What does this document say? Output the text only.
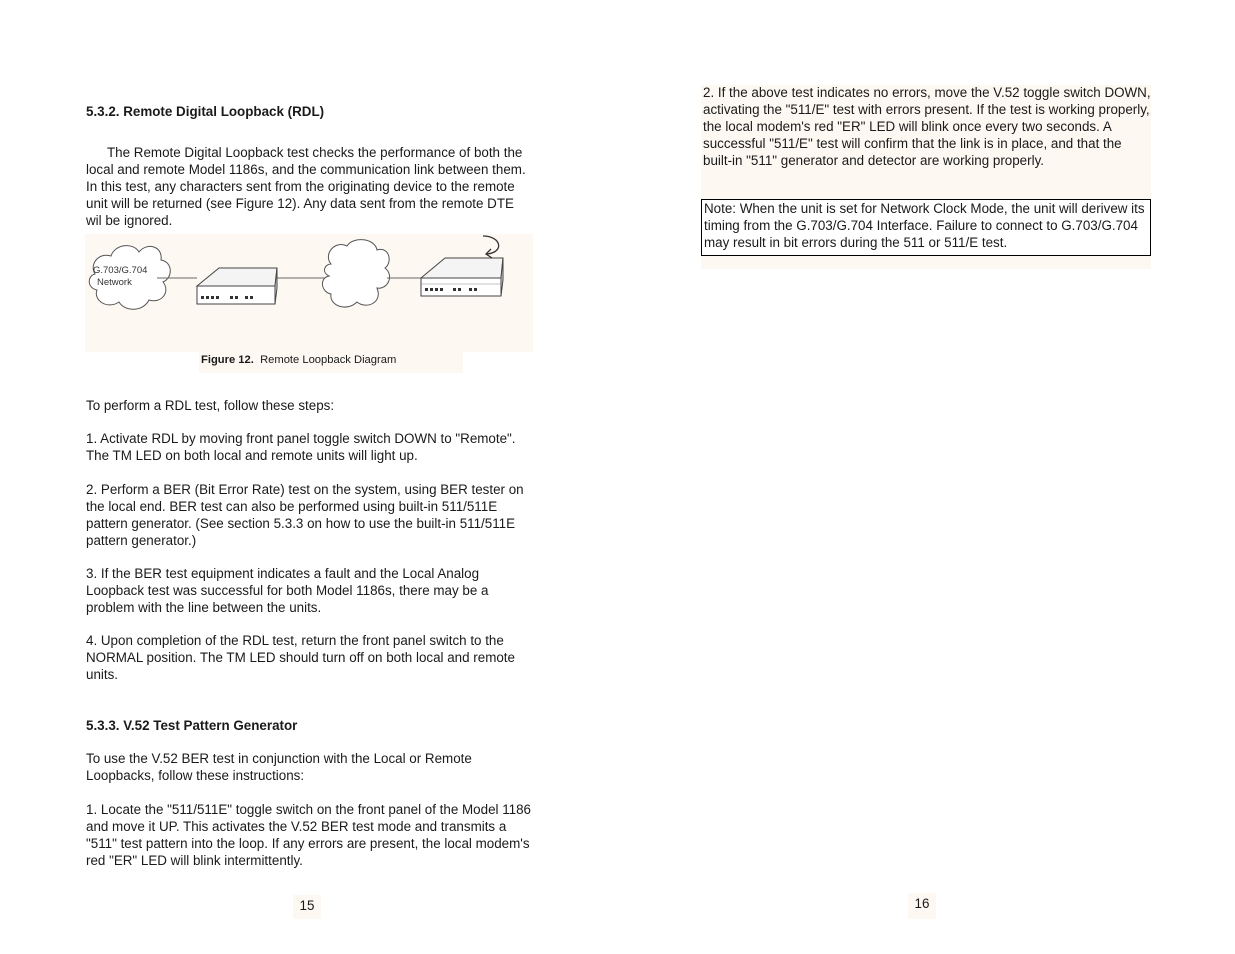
5.3.2. Remote Digital Loopback (RDL)
The Remote Digital Loopback test checks the performance of both the local and remote Model 1186s, and the communication link between them. In this test, any characters sent from the originating device to the remote unit will be returned (see Figure 12). Any data sent from the remote DTE wil be ignored.
G.703/G.704
Network
Figure 12. Remote Loopback Diagram
To perform a RDL test, follow these steps:
1. Activate RDL by moving front panel toggle switch DOWN to "Remote". The TM LED on both local and remote units will light up.
2. Perform a BER (Bit Error Rate) test on the system, using BER tester on the local end. BER test can also be performed using built-in 511/511E pattern generator. (See section 5.3.3 on how to use the built-in 511/511E pattern generator.)
3. If the BER test equipment indicates a fault and the Local Analog Loopback test was successful for both Model 1186s, there may be a problem with the line between the units.
4. Upon completion of the RDL test, return the front panel switch to the NORMAL position. The TM LED should turn off on both local and remote units.
5.3.3. V.52 Test Pattern Generator
To use the V.52 BER test in conjunction with the Local or Remote Loopbacks, follow these instructions:
1. Locate the "511/511E" toggle switch on the front panel of the Model 1186 and move it UP. This activates the V.52 BER test mode and transmits a "511" test pattern into the loop. If any errors are present, the local modem's red "ER" LED will blink intermittently.
15
2. If the above test indicates no errors, move the V.52 toggle switch DOWN, activating the "511/E" test with errors present. If the test is working properly, the local modem's red "ER" LED will blink once every two seconds. A successful "511/E" test will confirm that the link is in place, and that the built-in "511" generator and detector are working properly.
Note: When the unit is set for Network Clock Mode, the unit will derivew its timing from the G.703/G.704 Interface. Failure to connect to G.703/G.704 may result in bit errors during the 511 or 511/E test.
16
